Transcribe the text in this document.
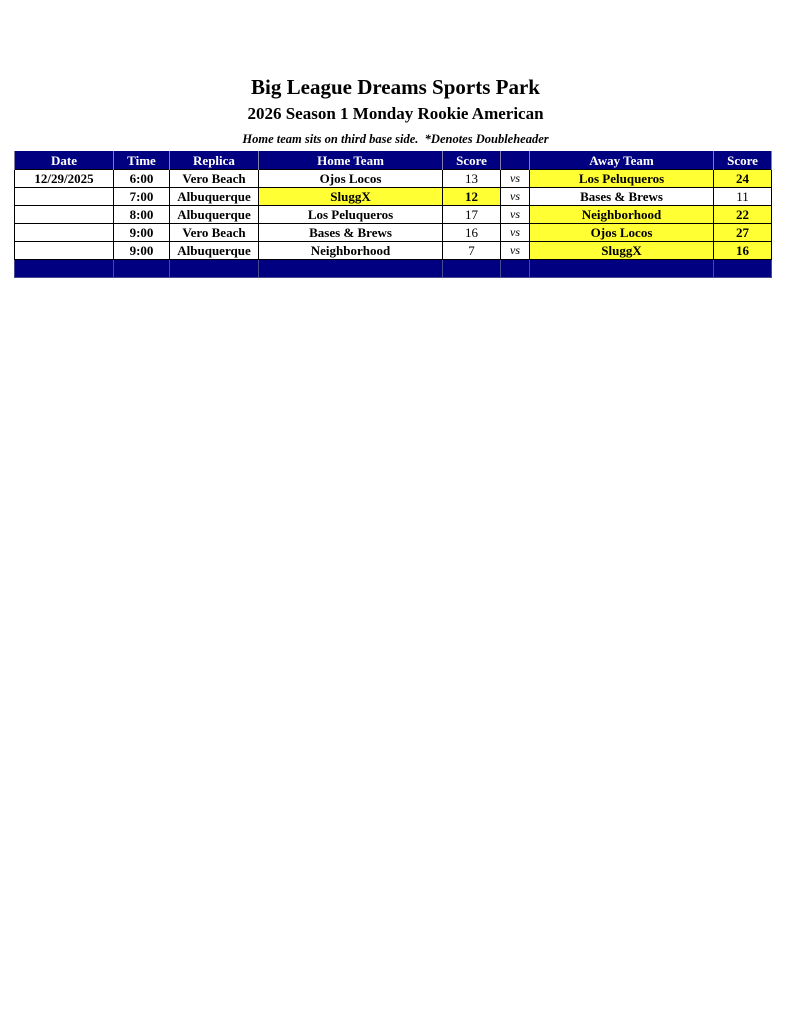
Big League Dreams Sports Park
2026 Season 1 Monday Rookie American
Home team sits on third base side.  *Denotes Doubleheader
Date	Time	Replica	Home Team	Score		Away Team	Score
12/29/2025	6:00	Vero Beach	Ojos Locos	13	vs	Los Peluqueros	24
	7:00	Albuquerque	SluggX	12	vs	Bases & Brews	11
	8:00	Albuquerque	Los Peluqueros	17	vs	Neighborhood	22
	9:00	Vero Beach	Bases & Brews	16	vs	Ojos Locos	27
	9:00	Albuquerque	Neighborhood	7	vs	SluggX	16
